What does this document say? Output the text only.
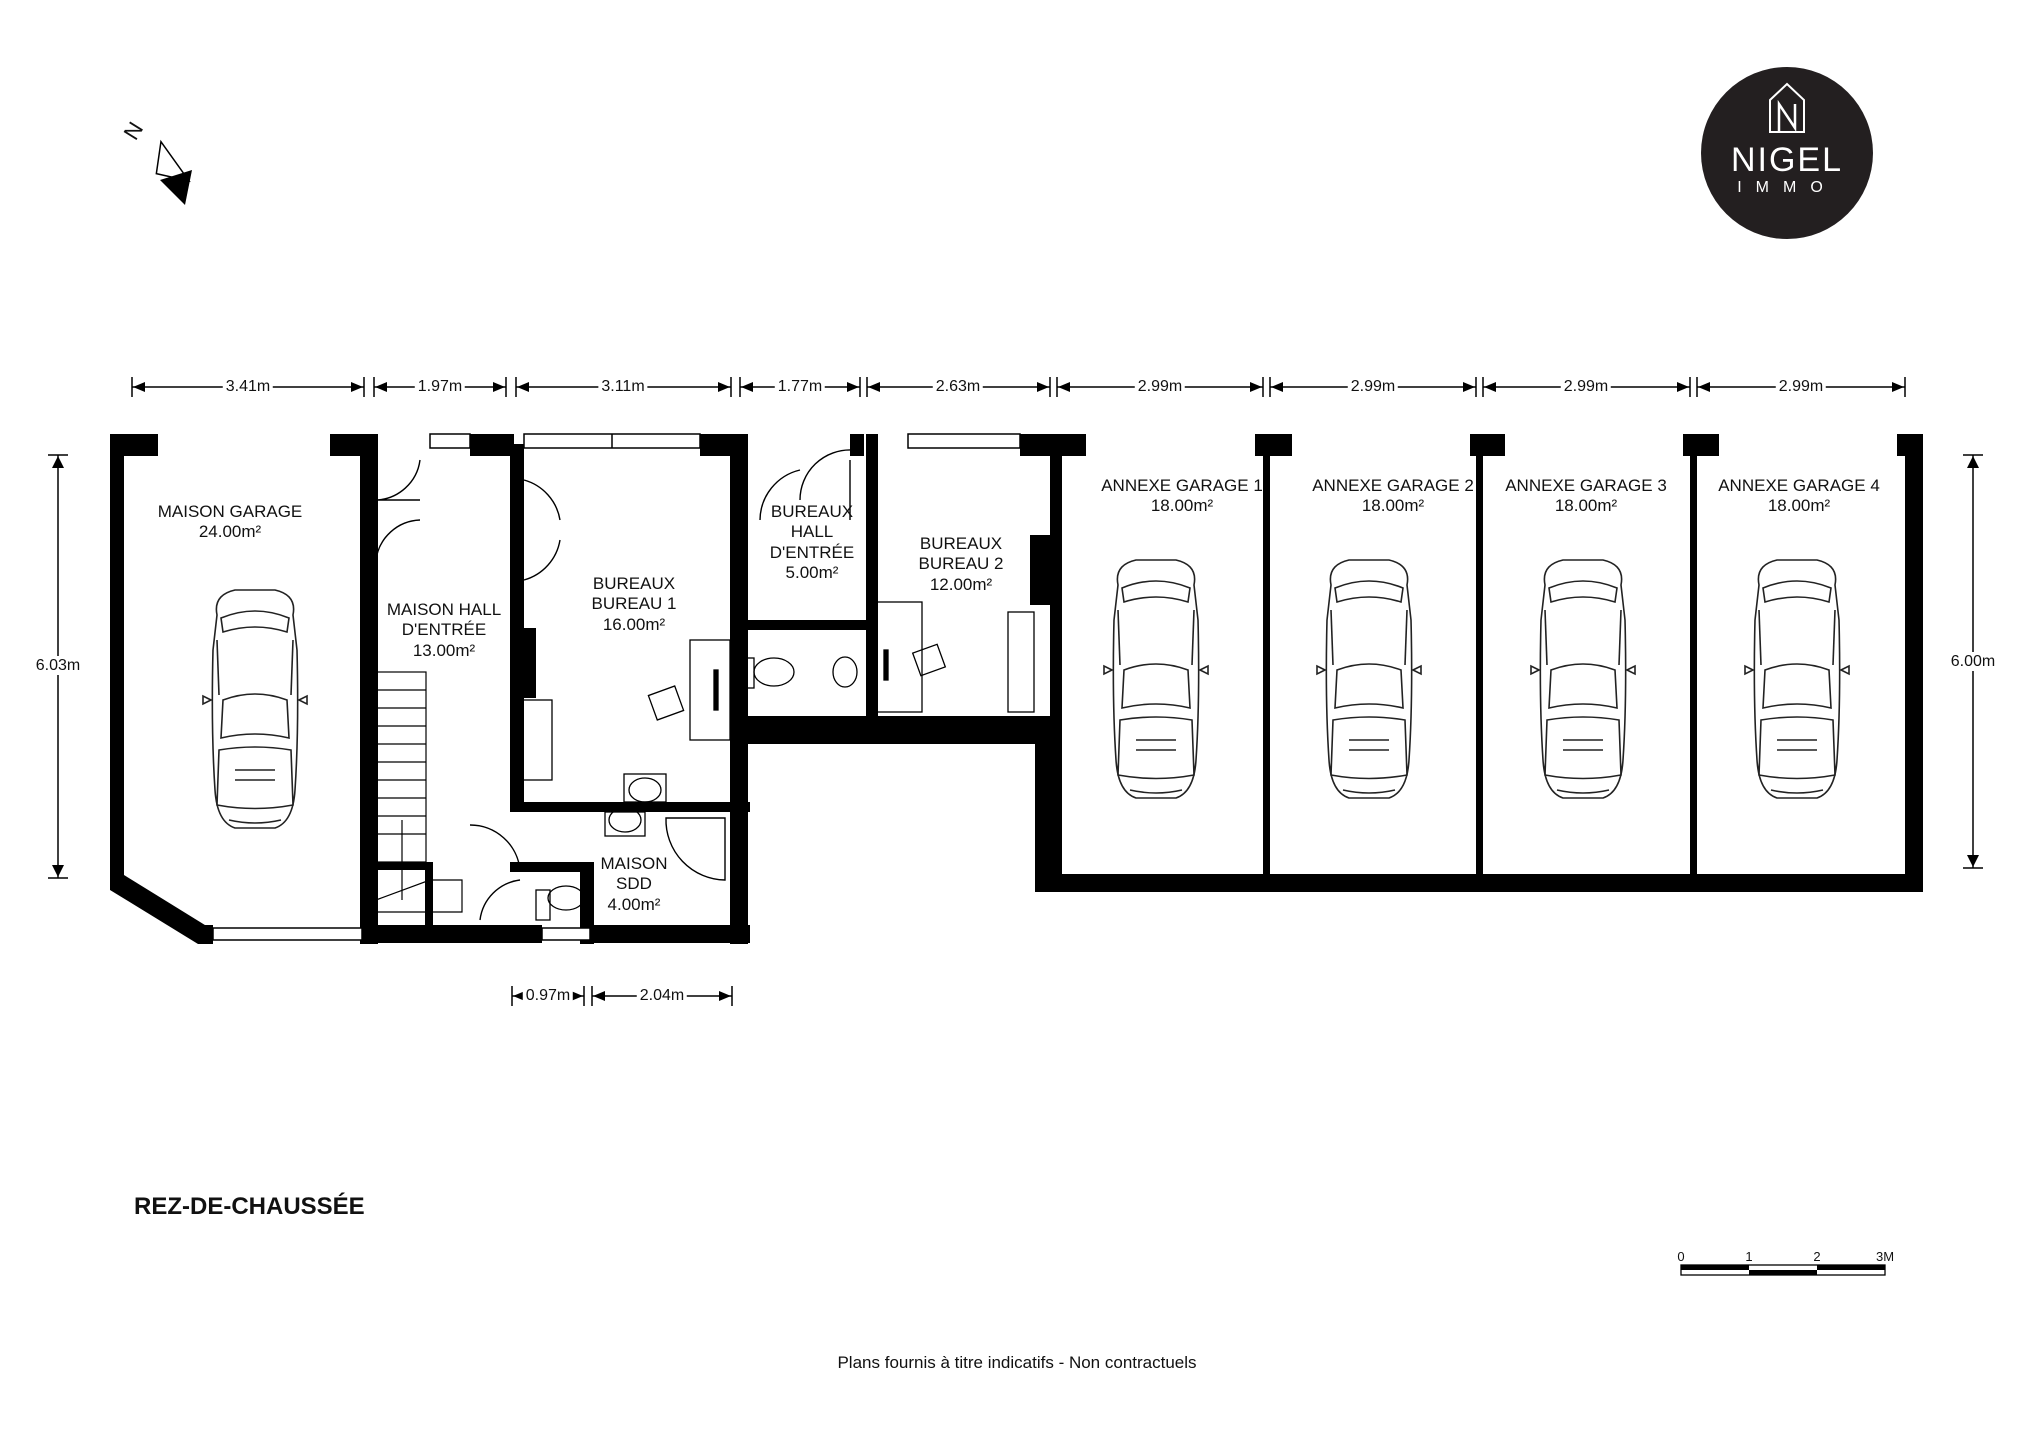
N
NIGEL
IMMO
3.41m	1.97m	3.11m	1.77m	2.63m	2.99m	2.99m	2.99m	2.99m
6.03m	6.00m
0.97m	2.04m
MAISON GARAGE
24.00m²
MAISON HALL
D'ENTRÉE
13.00m²
BUREAUX
BUREAU 1
16.00m²
BUREAUX
HALL
D'ENTRÉE
5.00m²
BUREAUX
BUREAU 2
12.00m²
ANNEXE GARAGE 1
18.00m²
ANNEXE GARAGE 2
18.00m²
ANNEXE GARAGE 3
18.00m²
ANNEXE GARAGE 4
18.00m²
MAISON
SDD
4.00m²
REZ-DE-CHAUSSÉE
0	1	2	3M
Plans fournis à titre indicatifs - Non contractuels
